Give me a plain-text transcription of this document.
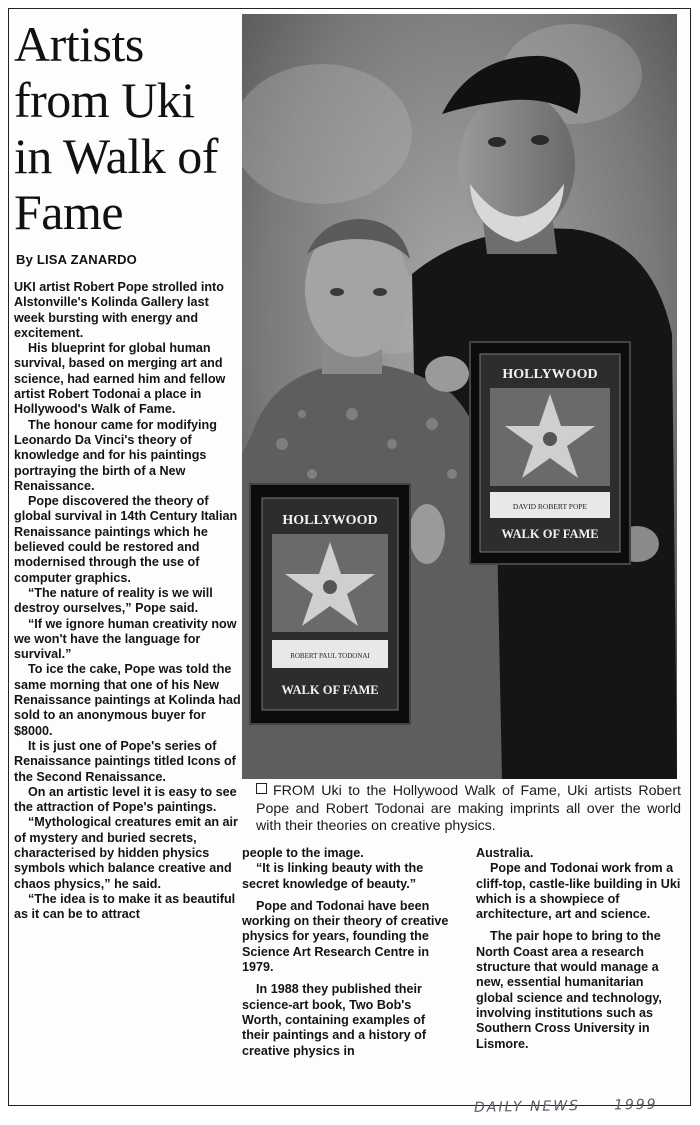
Artists from Uki in Walk of Fame
By LISA ZANARDO

UKI artist Robert Pope strolled into Alstonville's Kolinda Gallery last week bursting with energy and excitement.

His blueprint for global human survival, based on merging art and science, had earned him and fellow artist Robert Todonai a place in Hollywood's Walk of Fame.

The honour came for modifying Leonardo Da Vinci's theory of knowledge and for his paintings portraying the birth of a New Renaissance.

Pope discovered the theory of global survival in 14th Century Italian Renaissance paintings which he believed could be restored and modernised through the use of computer graphics.

“The nature of reality is we will destroy ourselves,” Pope said.

“If we ignore human creativity now we won't have the language for survival.”

To ice the cake, Pope was told the same morning that one of his New Renaissance paintings at Kolinda had sold to an anonymous buyer for $8000.

It is just one of Pope's series of Renaissance paintings titled Icons of the Second Renaissance.

On an artistic level it is easy to see the attraction of Pope's paintings.

“Mythological creatures emit an air of mystery and buried secrets, characterised by hidden physics symbols which balance creative and chaos physics,” he said.

“The idea is to make it as beautiful as it can be to attract

HOLLYWOOD
ROBERT PAUL TODONAI
WALK OF FAME
HOLLYWOOD
DAVID ROBERT POPE
WALK OF FAME
FROM Uki to the Hollywood Walk of Fame, Uki artists Robert Pope and Robert Todonai are making imprints all over the world with their theories on creative physics.

people to the image.

“It is linking beauty with the secret knowledge of beauty.”

Pope and Todonai have been working on their theory of creative physics for years, founding the Science Art Research Centre in 1979.

In 1988 they published their science-art book, Two Bob's Worth, containing examples of their paintings and a history of creative physics in

Australia.

Pope and Todonai work from a cliff-top, castle-like building in Uki which is a showpiece of architecture, art and science.

The pair hope to bring to the North Coast area a research structure that would manage a new, essential humanitarian global science and technology, involving institutions such as Southern Cross University in Lismore.

DAILY NEWS 1999
